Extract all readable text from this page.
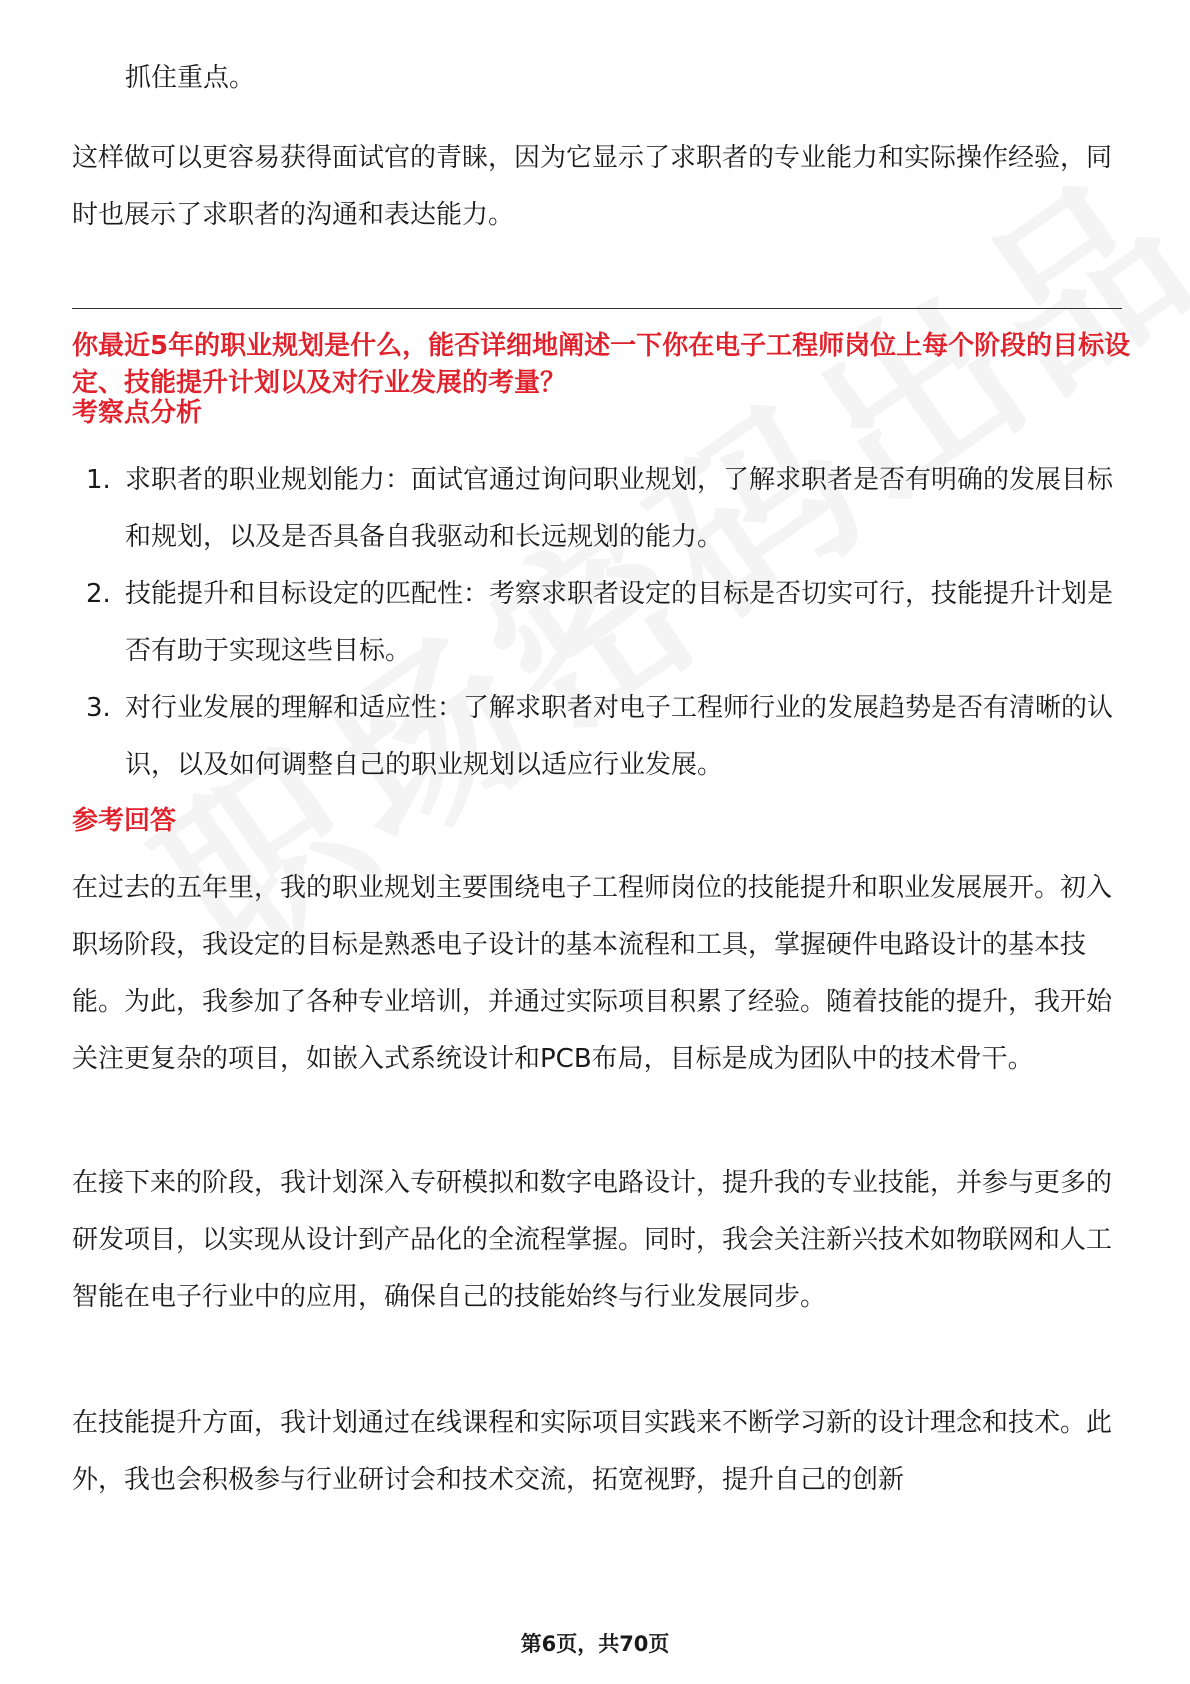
抓住重点。

这样做可以更容易获得面试官的青睐，因为它显示了求职者的专业能力和实际操作经验，同时也展示了求职者的沟通和表达能力。

你最近5年的职业规划是什么，能否详细地阐述一下你在电子工程师岗位上每个阶段的目标设定、技能提升计划以及对行业发展的考量？

考察点分析

1. 求职者的职业规划能力：面试官通过询问职业规划，了解求职者是否有明确的发展目标和规划，以及是否具备自我驱动和长远规划的能力。
2. 技能提升和目标设定的匹配性：考察求职者设定的目标是否切实可行，技能提升计划是否有助于实现这些目标。
3. 对行业发展的理解和适应性：了解求职者对电子工程师行业的发展趋势是否有清晰的认识，以及如何调整自己的职业规划以适应行业发展。

参考回答

在过去的五年里，我的职业规划主要围绕电子工程师岗位的技能提升和职业发展展开。初入职场阶段，我设定的目标是熟悉电子设计的基本流程和工具，掌握硬件电路设计的基本技能。为此，我参加了各种专业培训，并通过实际项目积累了经验。随着技能的提升，我开始关注更复杂的项目，如嵌入式系统设计和PCB布局，目标是成为团队中的技术骨干。

在接下来的阶段，我计划深入专研模拟和数字电路设计，提升我的专业技能，并参与更多的研发项目，以实现从设计到产品化的全流程掌握。同时，我会关注新兴技术如物联网和人工智能在电子行业中的应用，确保自己的技能始终与行业发展同步。

在技能提升方面，我计划通过在线课程和实际项目实践来不断学习新的设计理念和技术。此外，我也会积极参与行业研讨会和技术交流，拓宽视野，提升自己的创新

第6页，共70页
